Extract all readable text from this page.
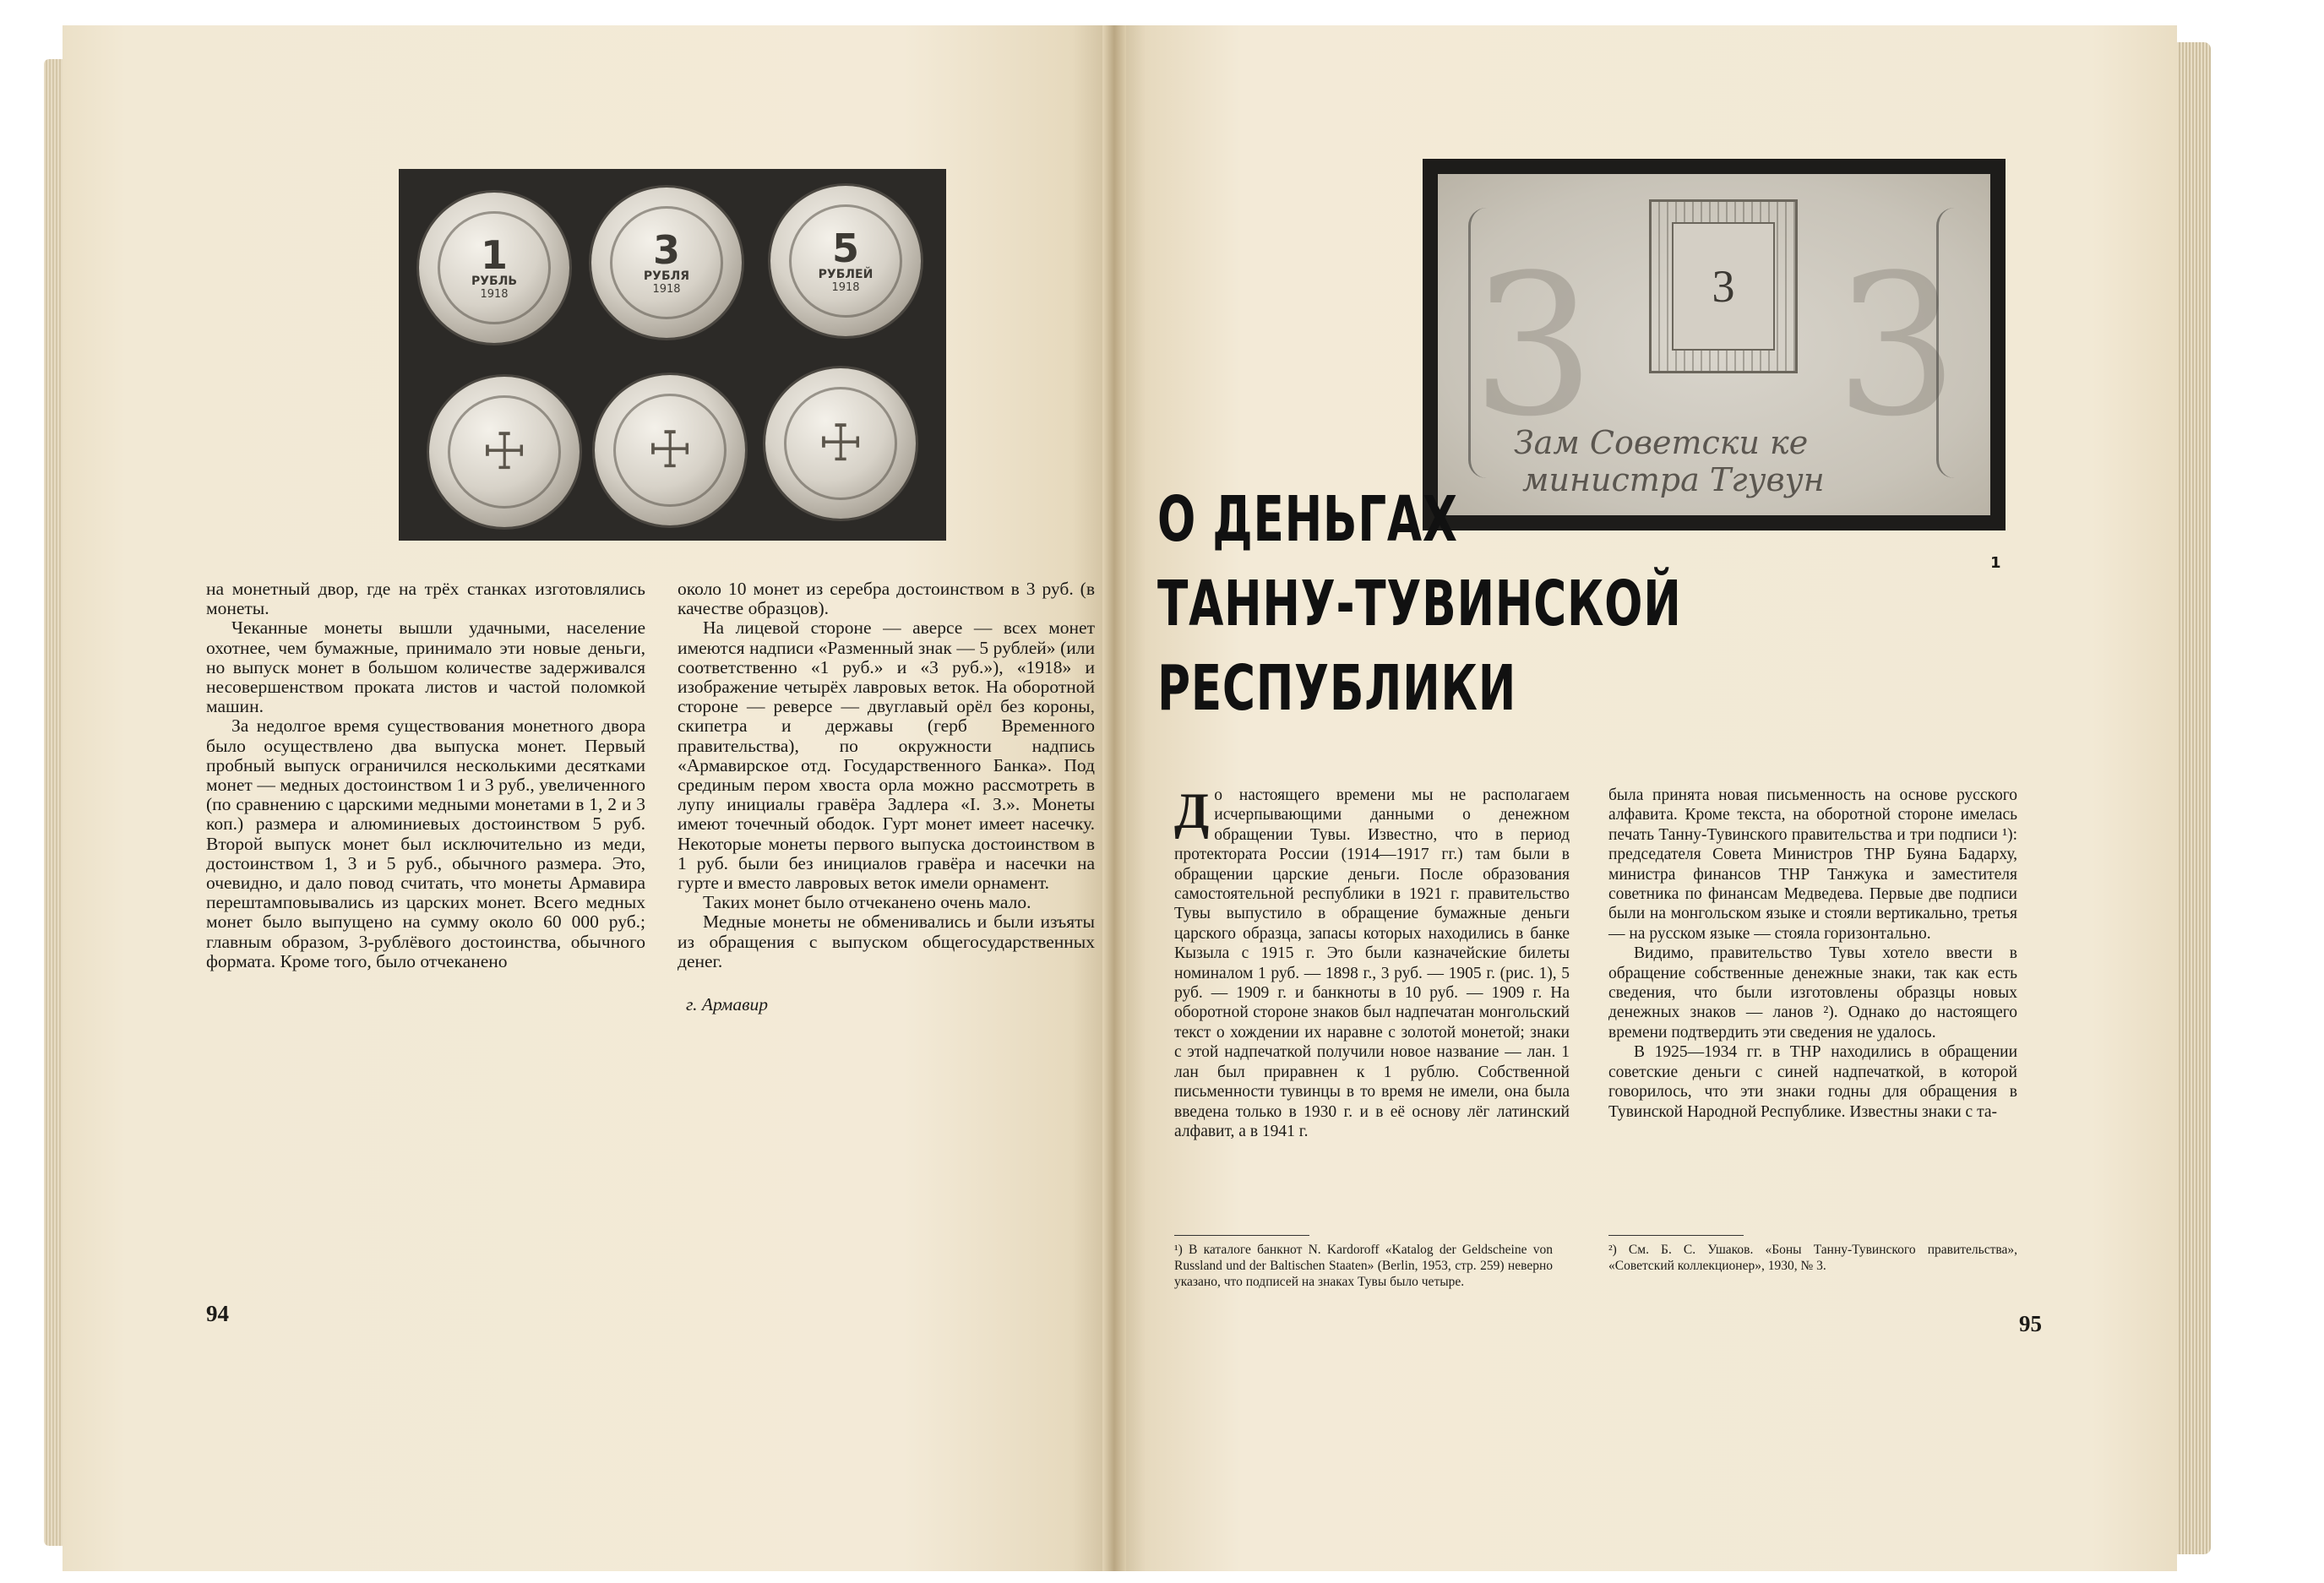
1
РУБЛЬ
1918
3
РУБЛЯ
1918
5
РУБЛЕЙ
1918
☩ ☩ ☩

на монетный двор, где на трёх станках изготовлялись монеты.

Чеканные монеты вышли удачными, население охотнее, чем бумажные, принимало эти новые деньги, но выпуск монет в большом количестве задерживался несовершенством проката листов и частой поломкой машин.

За недолгое время существования монетного двора было осуществлено два выпуска монет. Первый пробный выпуск ограничился несколькими десятками монет — медных достоинством 1 и 3 руб., увеличенного (по сравнению с царскими медными монетами в 1, 2 и 3 коп.) размера и алюминиевых достоинством 5 руб. Второй выпуск монет был исключительно из меди, достоинством 1, 3 и 5 руб., обычного размера. Это, очевидно, и дало повод считать, что монеты Армавира перештамповывались из царских монет. Всего медных монет было выпущено на сумму около 60 000 руб.; главным образом, 3-рублёвого достоинства, обычного формата. Кроме того, было отчеканено

около 10 монет из серебра достоинством в 3 руб. (в качестве образцов).

На лицевой стороне — аверсе — всех монет имеются надписи «Разменный знак — 5 рублей» (или соответственно «1 руб.» и «3 руб.»), «1918» и изображение четырёх лавровых веток. На оборотной стороне — реверсе — двуглавый орёл без короны, скипетра и державы (герб Временного правительства), по окружности надпись «Армавирское отд. Государственного Банка». Под срединым пером хвоста орла можно рассмотреть в лупу инициалы гравёра Задлера «I. З.». Монеты имеют точечный ободок. Гурт монет имеет насечку. Некоторые монеты первого выпуска достоинством в 1 руб. были без инициалов гравёра и насечки на гурте и вместо лавровых веток имели орнамент.

Таких монет было отчеканено очень мало.

Медные монеты не обменивались и были изъяты из обращения с выпуском общегосударственных денег.

г. Армавир

94
3 3
3
Зам Советски ке
министра Тгувун
1
О ДЕНЬГАХ
ТАННУ-ТУВИНСКОЙ
РЕСПУБЛИКИ

До настоящего времени мы не располагаем исчерпывающими данными о денежном обращении Тувы. Известно, что в период протектората России (1914—1917 гг.) там были в обращении царские деньги. После образования самостоятельной республики в 1921 г. правительство Тувы выпустило в обращение бумажные деньги царского образца, запасы которых находились в банке Кызыла с 1915 г. Это были казначейские билеты номиналом 1 руб. — 1898 г., 3 руб. — 1905 г. (рис. 1), 5 руб. — 1909 г. и банкноты в 10 руб. — 1909 г. На оборотной стороне знаков был надпечатан монгольский текст о хождении их наравне с золотой монетой; знаки с этой надпечаткой получили новое название — лан. 1 лан был приравнен к 1 рублю. Собственной письменности тувинцы в то время не имели, она была введена только в 1930 г. и в её основу лёг латинский алфавит, а в 1941 г.

была принята новая письменность на основе русского алфавита. Кроме текста, на оборотной стороне имелась печать Танну-Тувинского правительства и три подписи ¹): председателя Совета Министров ТНР Буяна Бадарху, министра финансов ТНР Танжука и заместителя советника по финансам Медведева. Первые две подписи были на монгольском языке и стояли вертикально, третья — на русском языке — стояла горизонтально.

Видимо, правительство Тувы хотело ввести в обращение собственные денежные знаки, так как есть сведения, что были изготовлены образцы новых денежных знаков — ланов ²). Однако до настоящего времени подтвердить эти сведения не удалось.

В 1925—1934 гг. в ТНР находились в обращении советские деньги с синей надпечаткой, в которой говорилось, что эти знаки годны для обращения в Тувинской Народной Республике. Известны знаки с та-

¹) В каталоге банкнот N. Kardoroff «Katalog der Geldscheine von Russland und der Baltischen Staaten» (Berlin, 1953, стр. 259) неверно указано, что подписей на знаках Тувы было четыре.
²) См. Б. С. Ушаков. «Боны Танну-Тувинского правительства», «Советский коллекционер», 1930, № 3.
95
